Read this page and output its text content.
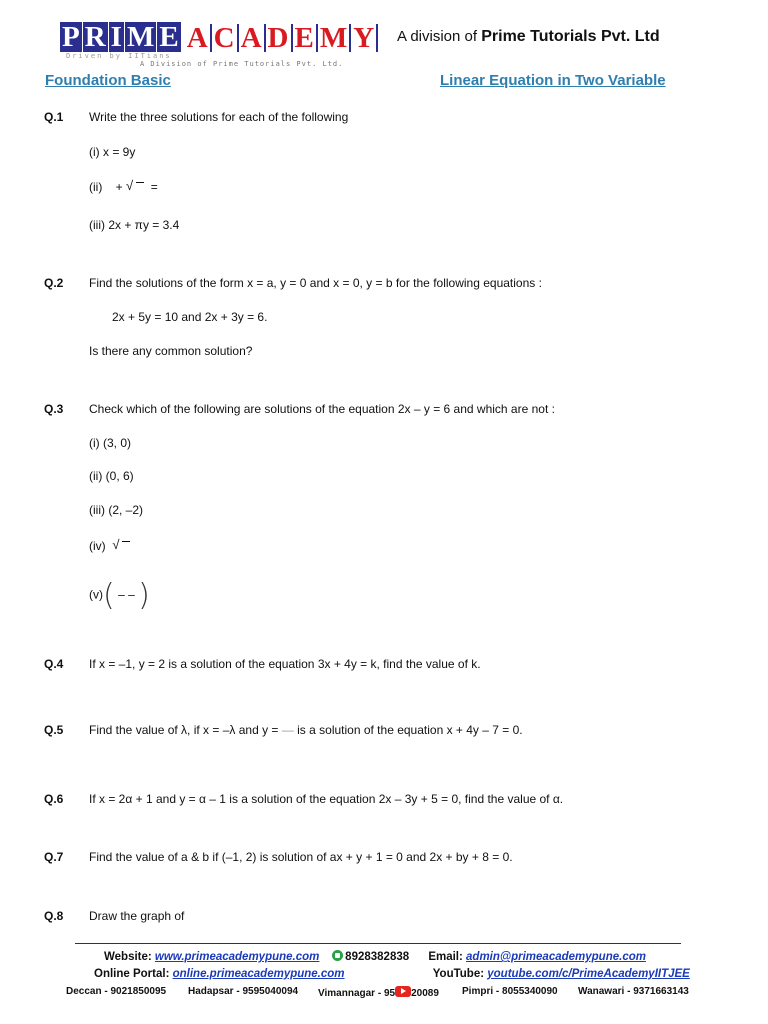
P R I M E A C A D E M Y
Driven by IITians
A Division of Prime Tutorials Pvt. Ltd.
A division of Prime Tutorials Pvt. Ltd
Foundation Basic	Linear Equation in Two Variable
Q.1 Write the three solutions for each of the following
(i) x = 9y
(ii) + √ =
(iii) 2x + πy = 3.4
Q.2 Find the solutions of the form x = a, y = 0 and x = 0, y = b for the following equations :
2x + 5y = 10 and 2x + 3y = 6.
Is there any common solution?
Q.3 Check which of the following are solutions of the equation 2x – y = 6 and which are not :
(i) (3, 0)
(ii) (0, 6)
(iii) (2, –2)
(iv)  √
(v)( – – )
Q.4 If x = –1, y = 2 is a solution of the equation 3x + 4y = k, find the value of k.
Q.5 Find the value of λ, if x = –λ and y = — is a solution of the equation x + 4y – 7 = 0.
Q.6 If x = 2α + 1 and y = α – 1 is a solution of the equation 2x – 3y + 5 = 0, find the value of α.
Q.7 Find the value of a & b if (–1, 2) is solution of ax + y + 1 = 0 and 2x + by + 8 = 0.
Q.8 Draw the graph of
Website: www.primeacademypune.com 8928382838 Email: admin@primeacademypune.com
Online Portal: online.primeacademypune.com	YouTube: youtube.com/c/PrimeAcademyIITJEE
Deccan - 9021850095 Hadapsar - 9595040094 Vimannagar - 95 20089 Pimpri - 8055340090 Wanawari - 9371663143
